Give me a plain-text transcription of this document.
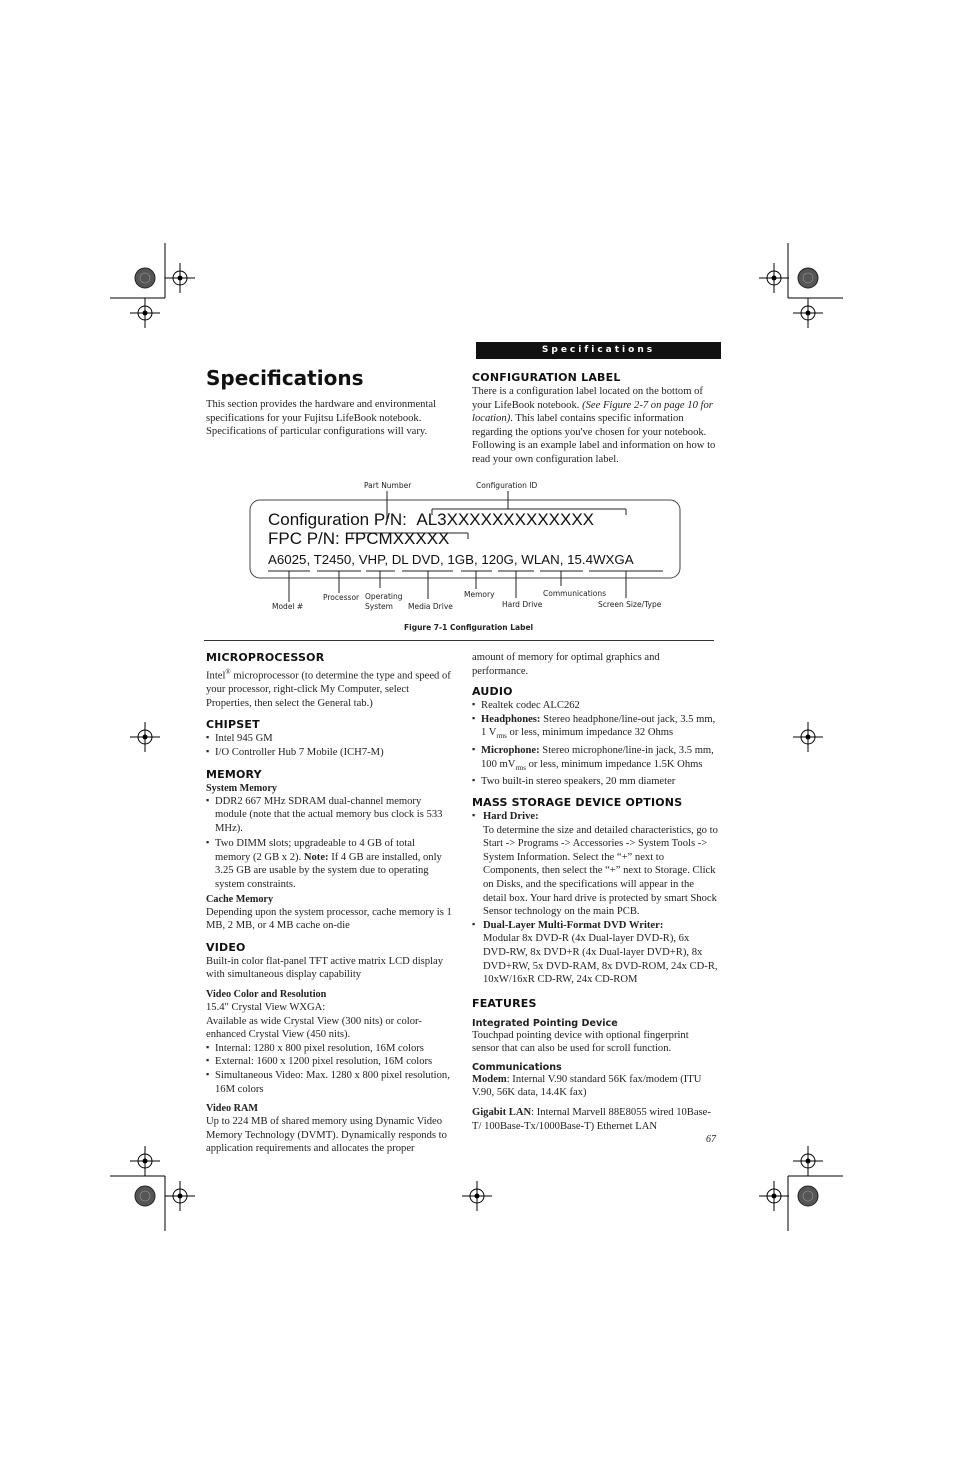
Specifications
Specifications
This section provides the hardware and environmental specifications for your Fujitsu LifeBook notebook. Specifications of particular configurations will vary.
CONFIGURATION LABEL
There is a configuration label located on the bottom of your LifeBook notebook. (See Figure 2-7 on page 10 for location). This label contains specific information regarding the options you've chosen for your notebook. Following is an example label and information on how to read your own configuration label.
Part Number	Configuration ID
Configuration P/N: AL3XXXXXXXXXXXXX
FPC P/N: FPCMXXXXX
A6025, T2450, VHP, DL DVD, 1GB, 120G, WLAN, 15.4WXGA
Model #
Processor Operating
System	Media Drive
Memory
Hard Drive
Communications
Screen Size/Type
Figure 7-1 Configuration Label
MICROPROCESSOR
Intel® microprocessor (to determine the type and speed of your processor, right-click My Computer, select Properties, then select the General tab.)
CHIPSET
▪ Intel 945 GM
▪ I/O Controller Hub 7 Mobile (ICH7-M)
MEMORY
System Memory
▪ DDR2 667 MHz SDRAM dual-channel memory module (note that the actual memory bus clock is 533 MHz).
▪ Two DIMM slots; upgradeable to 4 GB of total memory (2 GB x 2). Note: If 4 GB are installed, only 3.25 GB are usable by the system due to operating system constraints.
Cache Memory
Depending upon the system processor, cache memory is 1 MB, 2 MB, or 4 MB cache on-die
VIDEO
Built-in color flat-panel TFT active matrix LCD display with simultaneous display capability
Video Color and Resolution
15.4" Crystal View WXGA:
Available as wide Crystal View (300 nits) or color-enhanced Crystal View (450 nits).
▪ Internal: 1280 x 800 pixel resolution, 16M colors
▪ External: 1600 x 1200 pixel resolution, 16M colors
▪ Simultaneous Video: Max. 1280 x 800 pixel resolution, 16M colors
Video RAM
Up to 224 MB of shared memory using Dynamic Video Memory Technology (DVMT). Dynamically responds to application requirements and allocates the proper
amount of memory for optimal graphics and performance.
AUDIO
▪ Realtek codec ALC262
▪ Headphones: Stereo headphone/line-out jack, 3.5 mm, 1 $V_{rms}$ or less, minimum impedance 32 Ohms
▪ Microphone: Stereo microphone/line-in jack, 3.5 mm, 100 $mV_{rms}$ or less, minimum impedance 1.5K Ohms
▪ Two built-in stereo speakers, 20 mm diameter
MASS STORAGE DEVICE OPTIONS
▪ Hard Drive:
To determine the size and detailed characteristics, go to Start -> Programs -> Accessories -> System Tools -> System Information. Select the “+” next to Components, then select the “+” next to Storage. Click on Disks, and the specifications will appear in the detail box. Your hard drive is protected by smart Shock Sensor technology on the main PCB.
▪ Dual-Layer Multi-Format DVD Writer:
Modular 8x DVD-R (4x Dual-layer DVD-R), 6x DVD-RW, 8x DVD+R (4x Dual-layer DVD+R), 8x DVD+RW, 5x DVD-RAM, 8x DVD-ROM, 24x CD-R, 10xW/16xR CD-RW, 24x CD-ROM
FEATURES
Integrated Pointing Device
Touchpad pointing device with optional fingerprint sensor that can also be used for scroll function.
Communications
Modem: Internal V.90 standard 56K fax/modem (ITU V.90, 56K data, 14.4K fax)
Gigabit LAN: Internal Marvell 88E8055 wired 10Base-T/ 100Base-Tx/1000Base-T) Ethernet LAN
67
